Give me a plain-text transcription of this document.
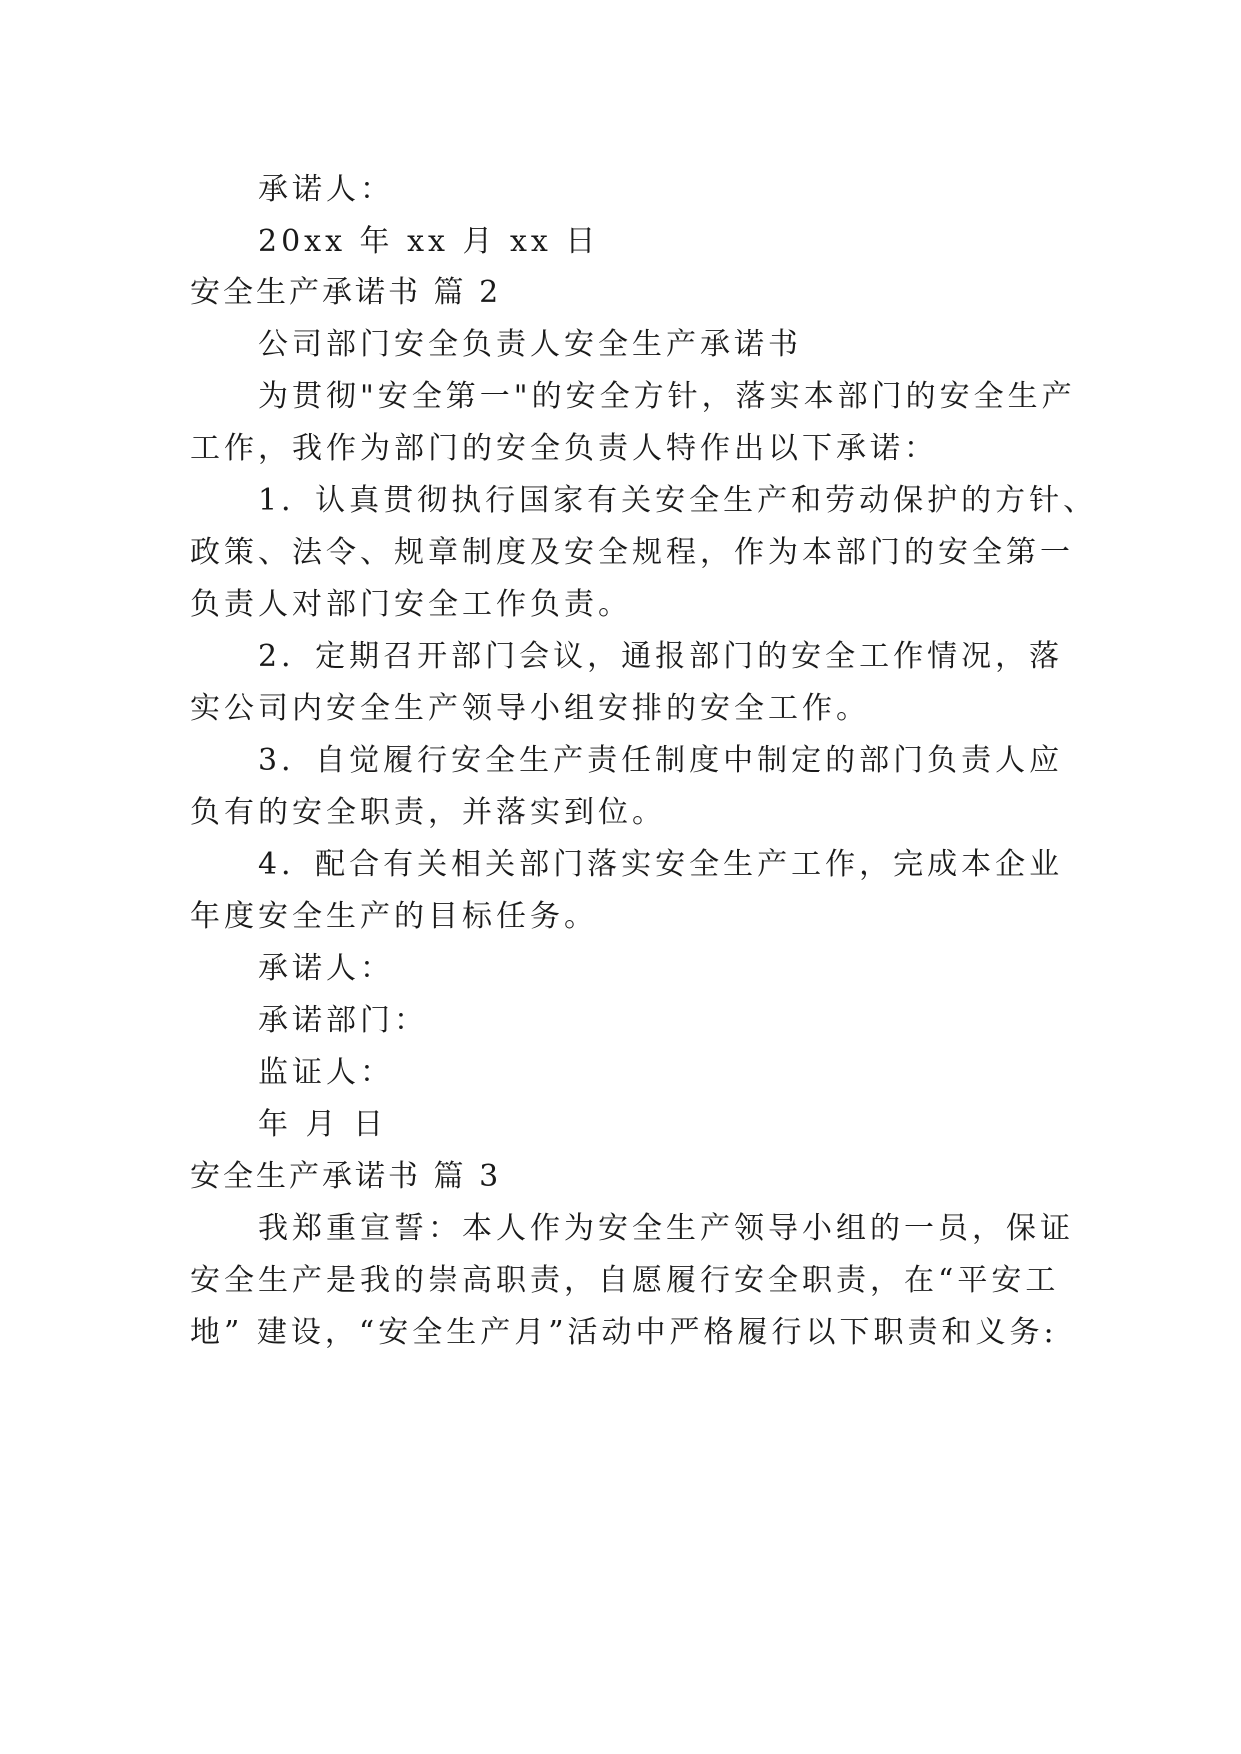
承诺人：
20xx 年 xx 月 xx 日
安全生产承诺书 篇 2
公司部门安全负责人安全生产承诺书
为贯彻"安全第一"的安全方针，落实本部门的安全生产
工作，我作为部门的安全负责人特作出以下承诺：
1．认真贯彻执行国家有关安全生产和劳动保护的方针、
政策、法令、规章制度及安全规程，作为本部门的安全第一
负责人对部门安全工作负责。
2．定期召开部门会议，通报部门的安全工作情况，落
实公司内安全生产领导小组安排的安全工作。
3．自觉履行安全生产责任制度中制定的部门负责人应
负有的安全职责，并落实到位。
4．配合有关相关部门落实安全生产工作，完成本企业
年度安全生产的目标任务。
承诺人：
承诺部门：
监证人：
年 月 日
安全生产承诺书 篇 3
我郑重宣誓：本人作为安全生产领导小组的一员，保证
安全生产是我的崇高职责，自愿履行安全职责，在“平安工
地” 建设，“安全生产月”活动中严格履行以下职责和义务:
